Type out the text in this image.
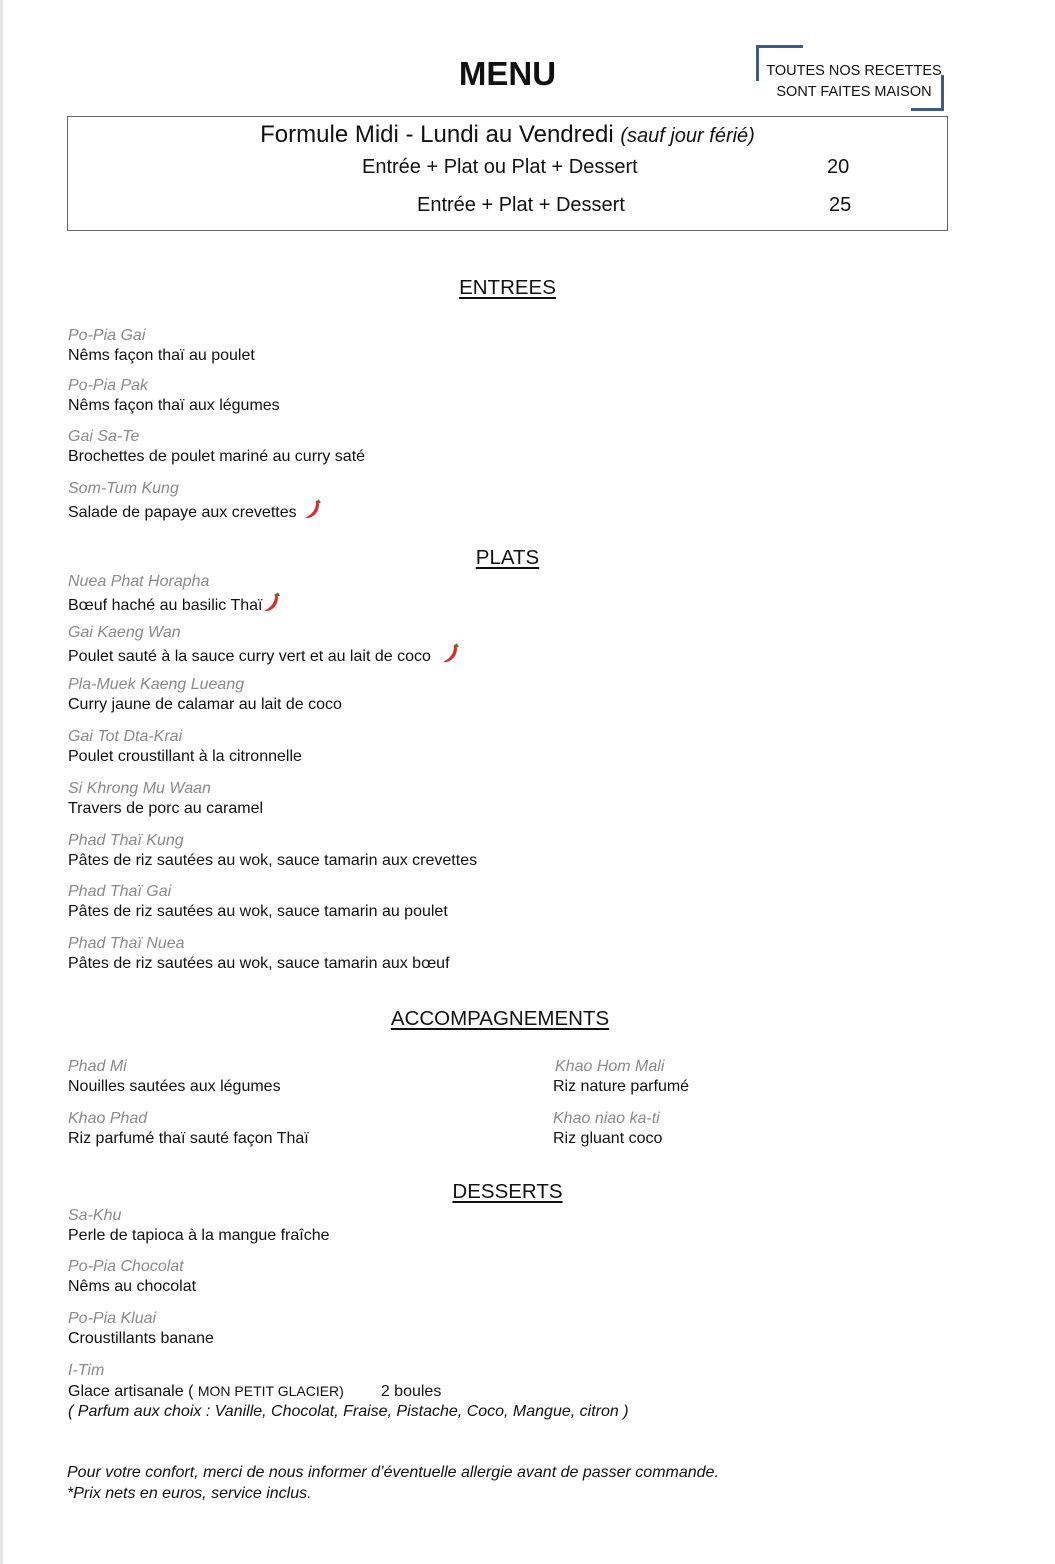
MENU	TOUTES NOS RECETTES
SONT FAITES MAISON
Formule Midi - Lundi au Vendredi (sauf jour férié)
Entrée + Plat ou Plat + Dessert	20
Entrée + Plat + Dessert	25
ENTREES
Po-Pia Gai
Nêms façon thaï au poulet
Po-Pia Pak
Nêms façon thaï aux légumes
Gai Sa-Te
Brochettes de poulet mariné au curry saté
Som-Tum Kung
Salade de papaye aux crevettes
PLATS
Nuea Phat Horapha
Bœuf haché au basilic Thaï
Gai Kaeng Wan
Poulet sauté à la sauce curry vert et au lait de coco
Pla-Muek Kaeng Lueang
Curry jaune de calamar au lait de coco
Gai Tot Dta-Krai
Poulet croustillant à la citronnelle
Si Khrong Mu Waan
Travers de porc au caramel
Phad Thaï Kung
Pâtes de riz sautées au wok, sauce tamarin aux crevettes
Phad Thaï Gai
Pâtes de riz sautées au wok, sauce tamarin au poulet
Phad Thaï Nuea
Pâtes de riz sautées au wok, sauce tamarin aux bœuf
ACCOMPAGNEMENTS
Phad Mi
Nouilles sautées aux légumes
Khao Hom Mali
Riz nature parfumé
Khao Phad
Riz parfumé thaï sauté façon Thaï
Khao niao ka-ti
Riz gluant coco
DESSERTS
Sa-Khu
Perle de tapioca à la mangue fraîche
Po-Pia Chocolat
Nêms au chocolat
Po-Pia Kluai
Croustillants banane
I-Tim
Glace artisanale ( MON PETIT GLACIER) 2 boules
( Parfum aux choix : Vanille, Chocolat, Fraise, Pistache, Coco, Mangue, citron )
Pour votre confort, merci de nous informer d’éventuelle allergie avant de passer commande.
*Prix nets en euros, service inclus.
